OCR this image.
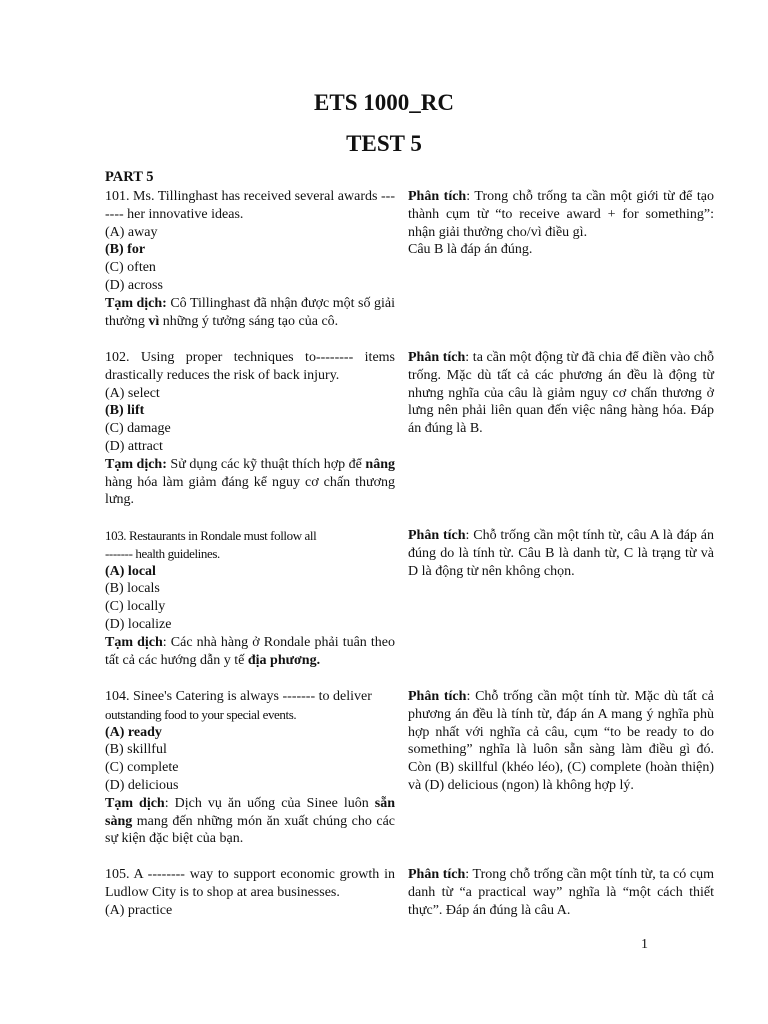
ETS 1000_RC
TEST 5
PART 5
101. Ms. Tillinghast has received several awards ------- her innovative ideas.
(A) away
(B) for
(C) often
(D) across
Tạm dịch: Cô Tillinghast đã nhận được một số giải thưởng vì những ý tưởng sáng tạo của cô.
Phân tích: Trong chỗ trống ta cần một giới từ để tạo thành cụm từ “to receive award + for something”: nhận giải thưởng cho/vì điều gì.
Câu B là đáp án đúng.
102. Using proper techniques to-------- items drastically reduces the risk of back injury.
(A) select
(B) lift
(C) damage
(D) attract
Tạm dịch: Sử dụng các kỹ thuật thích hợp để nâng hàng hóa làm giảm đáng kể nguy cơ chấn thương lưng.
Phân tích: ta cần một động từ đã chia để điền vào chỗ trống. Mặc dù tất cả các phương án đều là động từ nhưng nghĩa của câu là giảm nguy cơ chấn thương ở lưng nên phải liên quan đến việc nâng hàng hóa. Đáp án đúng là B.
103. Restaurants in Rondale must follow all
------- health guidelines.
(A) local
(B) locals
(C) locally
(D) localize
Tạm dịch: Các nhà hàng ở Rondale phải tuân theo tất cả các hướng dẫn y tế địa phương.
Phân tích: Chỗ trống cần một tính từ, câu A là đáp án đúng do là tính từ. Câu B là danh từ, C là trạng từ và D là động từ nên không chọn.
104. Sinee's Catering is always ------- to deliver
outstanding food to your special events.
(A) ready
(B) skillful
(C) complete
(D) delicious
Tạm dịch: Dịch vụ ăn uống của Sinee luôn sẵn sàng mang đến những món ăn xuất chúng cho các sự kiện đặc biệt của bạn.
Phân tích: Chỗ trống cần một tính từ. Mặc dù tất cả phương án đều là tính từ, đáp án A mang ý nghĩa phù hợp nhất với nghĩa cả câu, cụm “to be ready to do something” nghĩa là luôn sẵn sàng làm điều gì đó. Còn (B) skillful (khéo léo), (C) complete (hoàn thiện) và (D) delicious (ngon) là không hợp lý.
105. A -------- way to support economic growth in Ludlow City is to shop at area businesses.
(A) practice
Phân tích: Trong chỗ trống cần một tính từ, ta có cụm danh từ “a practical way” nghĩa là “một cách thiết thực”. Đáp án đúng là câu A.
1
